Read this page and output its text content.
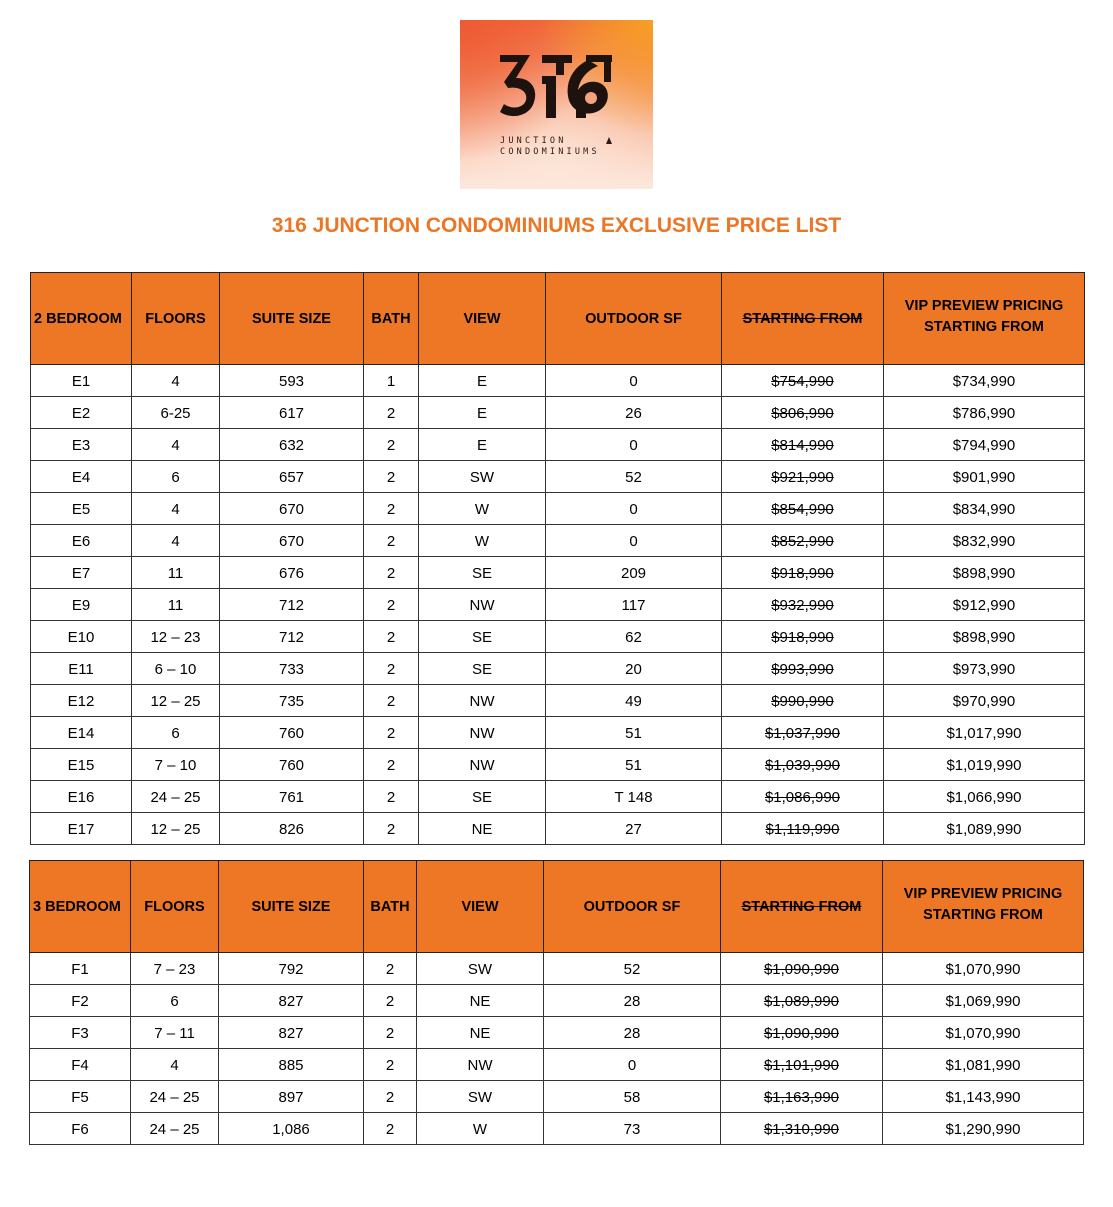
JUNCTION
CONDOMINIUMS
316 JUNCTION CONDOMINIUMS EXCLUSIVE PRICE LIST
2 BEDROOM	FLOORS	SUITE SIZE	BATH	VIEW	OUTDOOR SF	STARTING FROM	VIP PREVIEW PRICING STARTING FROM
E1	4	593	1	E	0	$754,990	$734,990
E2	6-25	617	2	E	26	$806,990	$786,990
E3	4	632	2	E	0	$814,990	$794,990
E4	6	657	2	SW	52	$921,990	$901,990
E5	4	670	2	W	0	$854,990	$834,990
E6	4	670	2	W	0	$852,990	$832,990
E7	11	676	2	SE	209	$918,990	$898,990
E9	11	712	2	NW	117	$932,990	$912,990
E10	12 – 23	712	2	SE	62	$918,990	$898,990
E11	6 – 10	733	2	SE	20	$993,990	$973,990
E12	12 – 25	735	2	NW	49	$990,990	$970,990
E14	6	760	2	NW	51	$1,037,990	$1,017,990
E15	7 – 10	760	2	NW	51	$1,039,990	$1,019,990
E16	24 – 25	761	2	SE	T 148	$1,086,990	$1,066,990
E17	12 – 25	826	2	NE	27	$1,119,990	$1,089,990
3 BEDROOM	FLOORS	SUITE SIZE	BATH	VIEW	OUTDOOR SF	STARTING FROM	VIP PREVIEW PRICING STARTING FROM
F1	7 – 23	792	2	SW	52	$1,090,990	$1,070,990
F2	6	827	2	NE	28	$1,089,990	$1,069,990
F3	7 – 11	827	2	NE	28	$1,090,990	$1,070,990
F4	4	885	2	NW	0	$1,101,990	$1,081,990
F5	24 – 25	897	2	SW	58	$1,163,990	$1,143,990
F6	24 – 25	1,086	2	W	73	$1,310,990	$1,290,990
